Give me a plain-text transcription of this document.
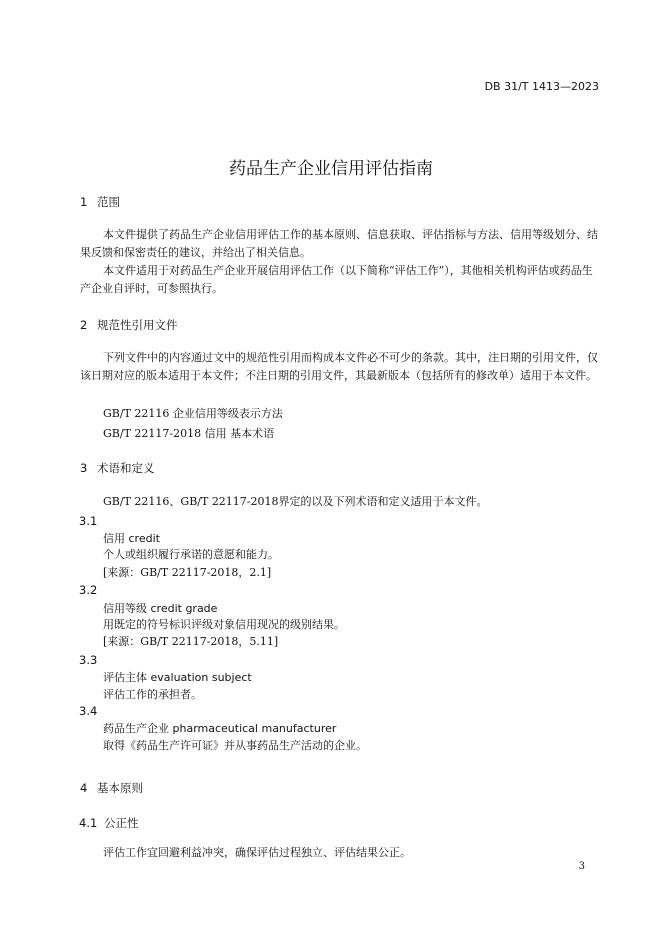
DB 31/T 1413—2023
药品生产企业信用评估指南
1 范围
本文件提供了药品生产企业信用评估工作的基本原则、信息获取、评估指标与方法、信用等级划分、结果反馈和保密责任的建议，并给出了相关信息。
本文件适用于对药品生产企业开展信用评估工作（以下简称“评估工作”），其他相关机构评估或药品生产企业自评时，可参照执行。
2 规范性引用文件
下列文件中的内容通过文中的规范性引用而构成本文件必不可少的条款。其中，注日期的引用文件，仅该日期对应的版本适用于本文件；不注日期的引用文件，其最新版本（包括所有的修改单）适用于本文件。
GB/T 22116 企业信用等级表示方法
GB/T 22117-2018 信用 基本术语
3 术语和定义
GB/T 22116、GB/T 22117-2018界定的以及下列术语和定义适用于本文件。
3.1
信用 credit
个人或组织履行承诺的意愿和能力。
[来源：GB/T 22117-2018，2.1]
3.2
信用等级 credit grade
用既定的符号标识评级对象信用现况的级别结果。
[来源：GB/T 22117-2018，5.11]
3.3
评估主体 evaluation subject
评估工作的承担者。
3.4
药品生产企业 pharmaceutical manufacturer
取得《药品生产许可证》并从事药品生产活动的企业。
4 基本原则
4.1 公正性
评估工作宜回避利益冲突，确保评估过程独立、评估结果公正。
3
